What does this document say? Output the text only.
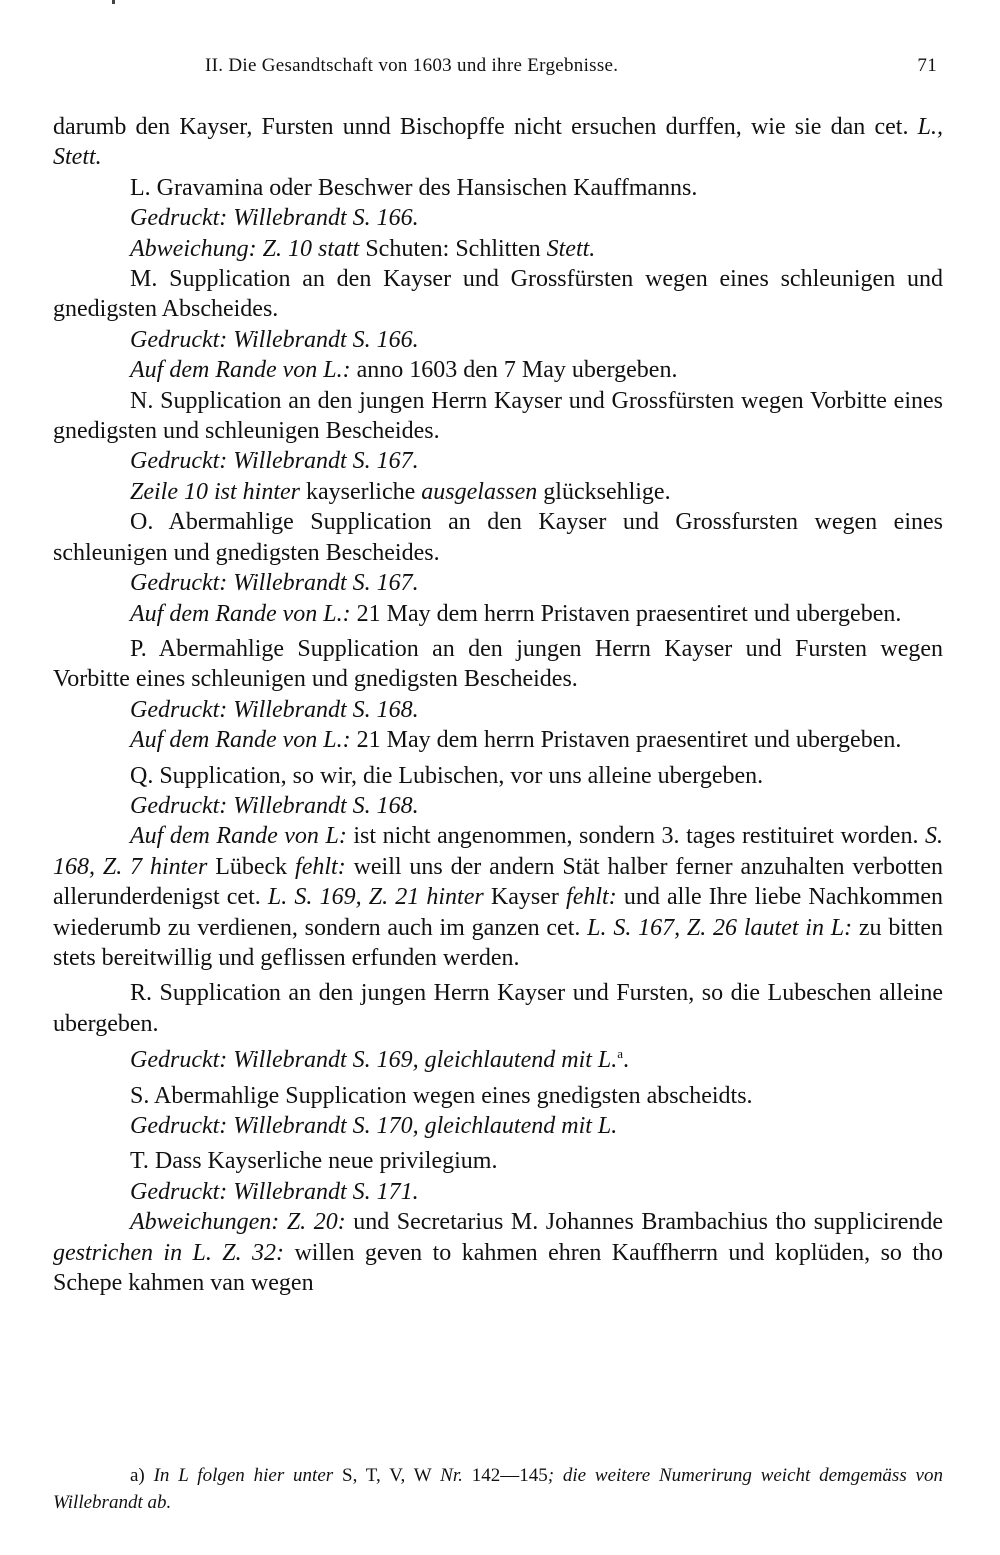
II. Die Gesandtschaft von 1603 und ihre Ergebnisse.	71

darumb den Kayser, Fursten unnd Bischopffe nicht ersuchen durffen, wie sie dan cet. L., Stett.

L. Gravamina oder Beschwer des Hansischen Kauffmanns.

Gedruckt: Willebrandt S. 166.

Abweichung: Z. 10 statt Schuten: Schlitten Stett.

M. Supplication an den Kayser und Grossfürsten wegen eines schleunigen und gnedigsten Abscheides.

Gedruckt: Willebrandt S. 166.

Auf dem Rande von L.: anno 1603 den 7 May ubergeben.

N. Supplication an den jungen Herrn Kayser und Grossfürsten wegen Vorbitte eines gnedigsten und schleunigen Bescheides.

Gedruckt: Willebrandt S. 167.

Zeile 10 ist hinter kayserliche ausgelassen glücksehlige.

O. Abermahlige Supplication an den Kayser und Grossfursten wegen eines schleunigen und gnedigsten Bescheides.

Gedruckt: Willebrandt S. 167.

Auf dem Rande von L.: 21 May dem herrn Pristaven praesentiret und ubergeben.

P. Abermahlige Supplication an den jungen Herrn Kayser und Fursten wegen Vorbitte eines schleunigen und gnedigsten Bescheides.

Gedruckt: Willebrandt S. 168.

Auf dem Rande von L.: 21 May dem herrn Pristaven praesentiret und ubergeben.

Q. Supplication, so wir, die Lubischen, vor uns alleine ubergeben.

Gedruckt: Willebrandt S. 168.

Auf dem Rande von L: ist nicht angenommen, sondern 3. tages restituiret worden. S. 168, Z. 7 hinter Lübeck fehlt: weill uns der andern Stät halber ferner anzuhalten verbotten allerunderdenigst cet. L. S. 169, Z. 21 hinter Kayser fehlt: und alle Ihre liebe Nachkommen wiederumb zu verdienen, sondern auch im ganzen cet. L. S. 167, Z. 26 lautet in L: zu bitten stets bereitwillig und geflissen erfunden werden.

R. Supplication an den jungen Herrn Kayser und Fursten, so die Lubeschen alleine ubergeben.

Gedruckt: Willebrandt S. 169, gleichlautend mit L.$^a$.

S. Abermahlige Supplication wegen eines gnedigsten abscheidts.

Gedruckt: Willebrandt S. 170, gleichlautend mit L.

T. Dass Kayserliche neue privilegium.

Gedruckt: Willebrandt S. 171.

Abweichungen: Z. 20: und Secretarius M. Johannes Brambachius tho supplicirende gestrichen in L. Z. 32: willen geven to kahmen ehren Kauffherrn und koplüden, so tho Schepe kahmen van wegen

a) In L folgen hier unter S, T, V, W Nr. 142—145; die weitere Numerirung weicht demgemäss von Willebrandt ab.
